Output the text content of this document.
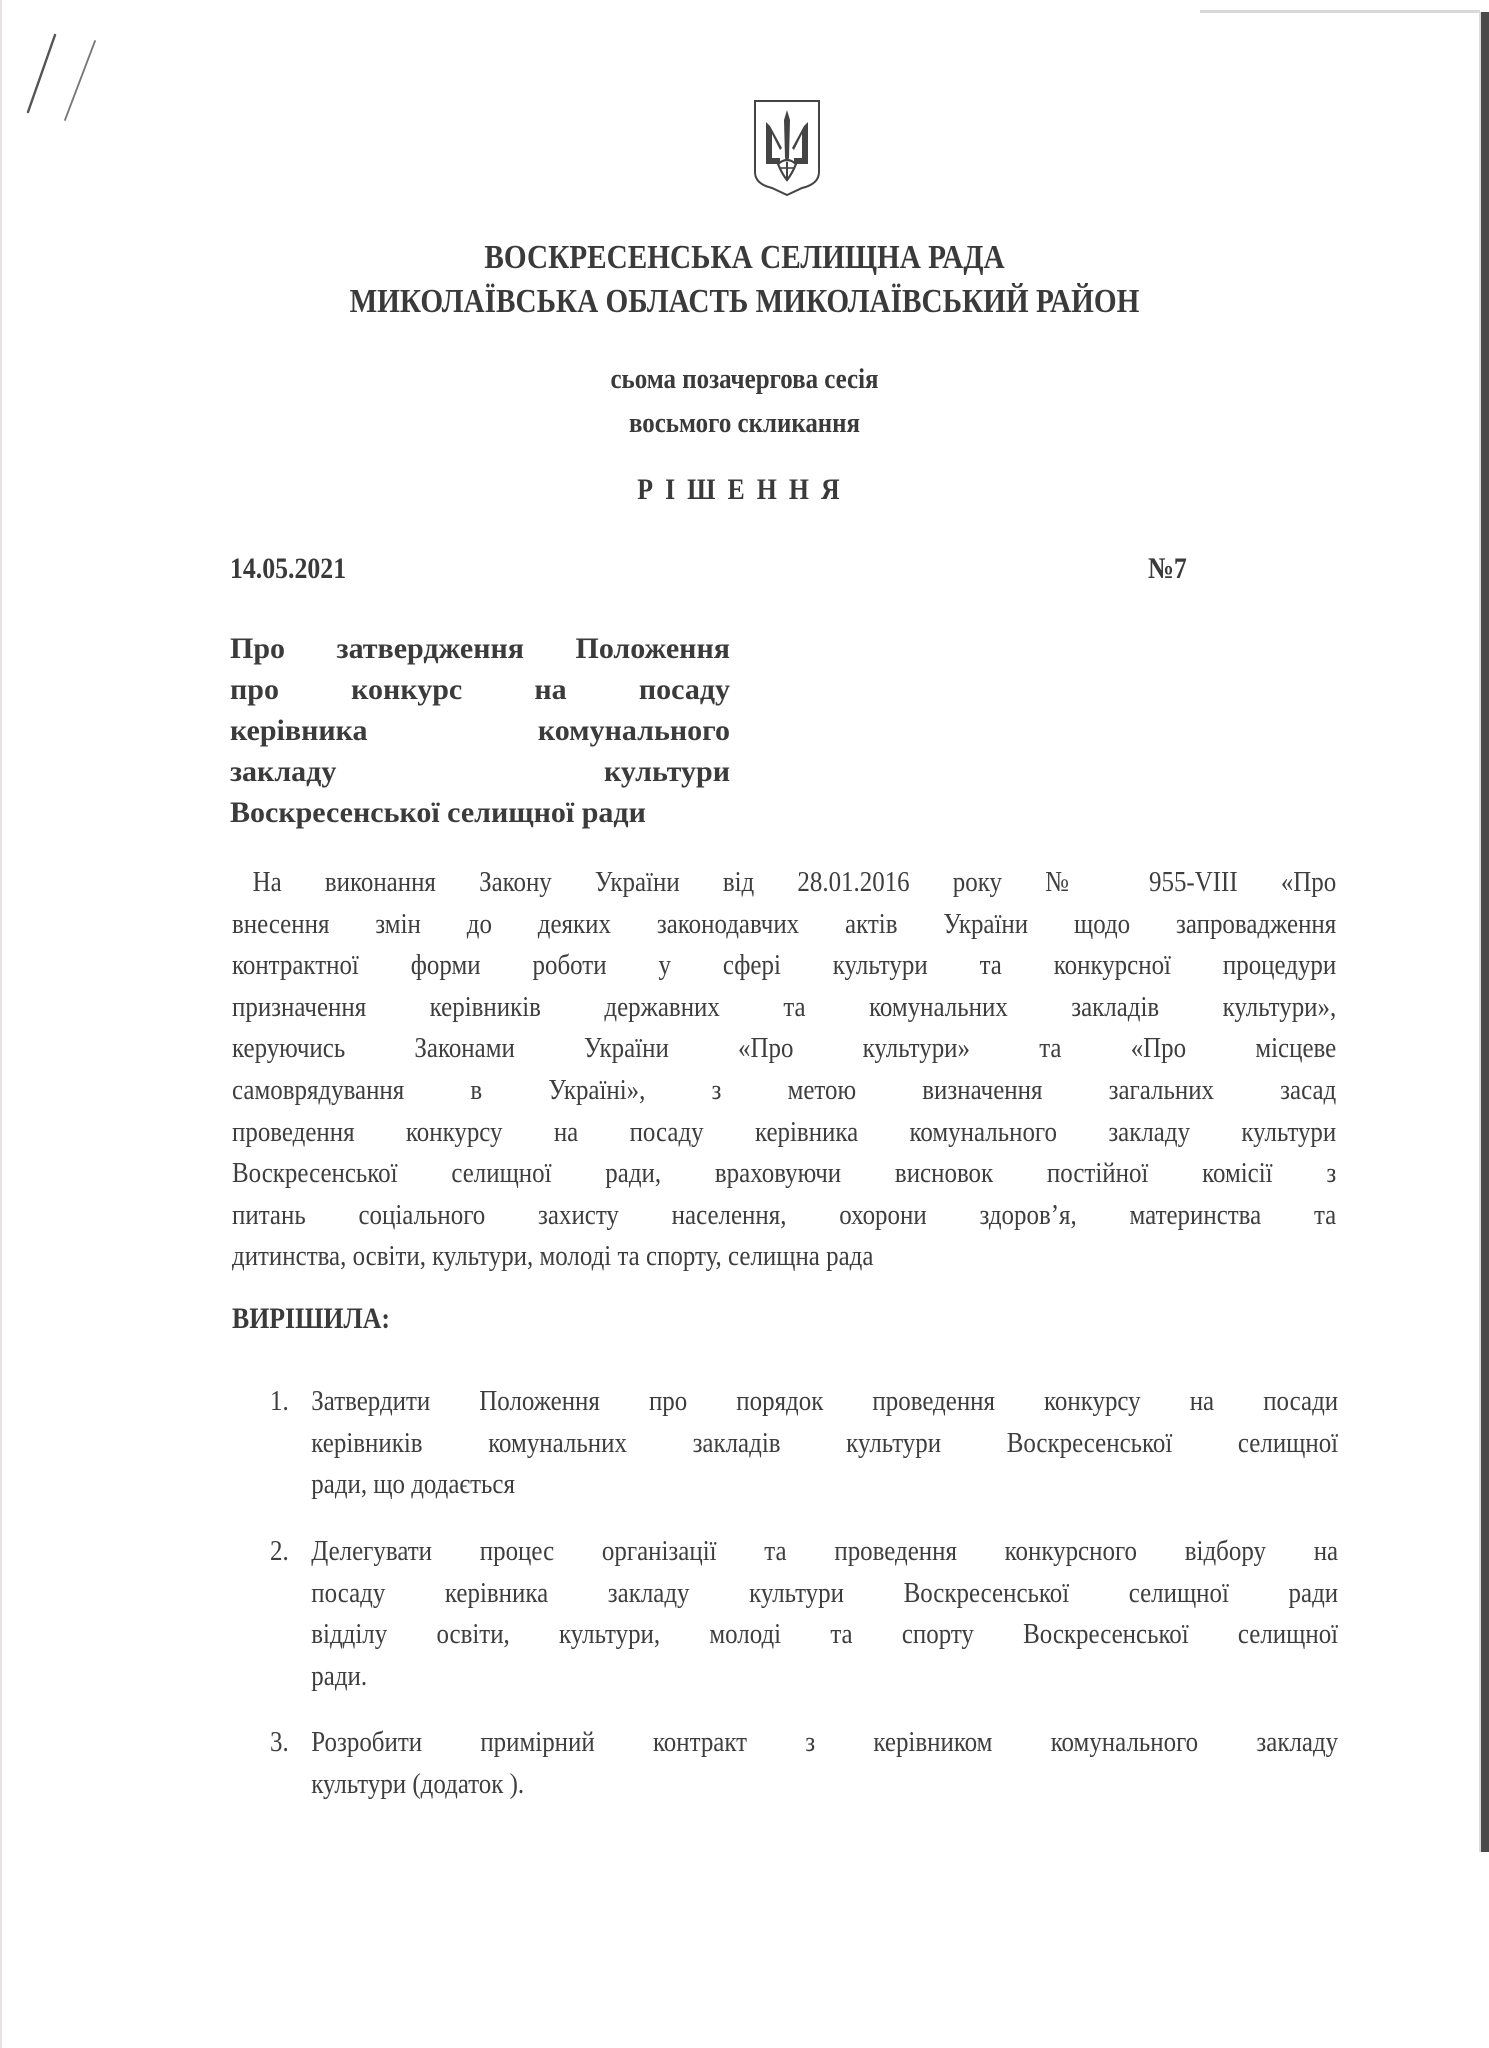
ВОСКРЕСЕНСЬКА СЕЛИЩНА РАДА
МИКОЛАЇВСЬКА ОБЛАСТЬ МИКОЛАЇВСЬКИЙ РАЙОН
сьома позачергова сесія
восьмого скликання
РІШЕННЯ
14.05.2021	№7
Про затвердження Положення
про конкурс на посаду
керівника комунального
закладу культури
Воскресенської селищної ради
На виконання Закону України від 28.01.2016 року № 955-VIII «Про
внесення змін до деяких законодавчих актів України щодо запровадження
контрактної форми роботи у сфері культури та конкурсної процедури
призначення керівників державних та комунальних закладів культури»,
керуючись Законами України «Про культури» та «Про місцеве
самоврядування в Україні», з метою визначення загальних засад
проведення конкурсу на посаду керівника комунального закладу культури
Воскресенської селищної ради, враховуючи висновок постійної комісії з
питань соціального захисту населення, охорони здоров’я, материнства та
дитинства, освіти, культури, молоді та спорту, селищна рада
ВИРІШИЛА:
1. Затвердити Положення про порядок проведення конкурсу на посади
керівників комунальних закладів культури Воскресенської селищної
ради, що додається
2. Делегувати процес організації та проведення конкурсного відбору на
посаду керівника закладу культури Воскресенської селищної ради
відділу освіти, культури, молоді та спорту Воскресенської селищної
ради.
3. Розробити примірний контракт з керівником комунального закладу
культури (додаток ).
